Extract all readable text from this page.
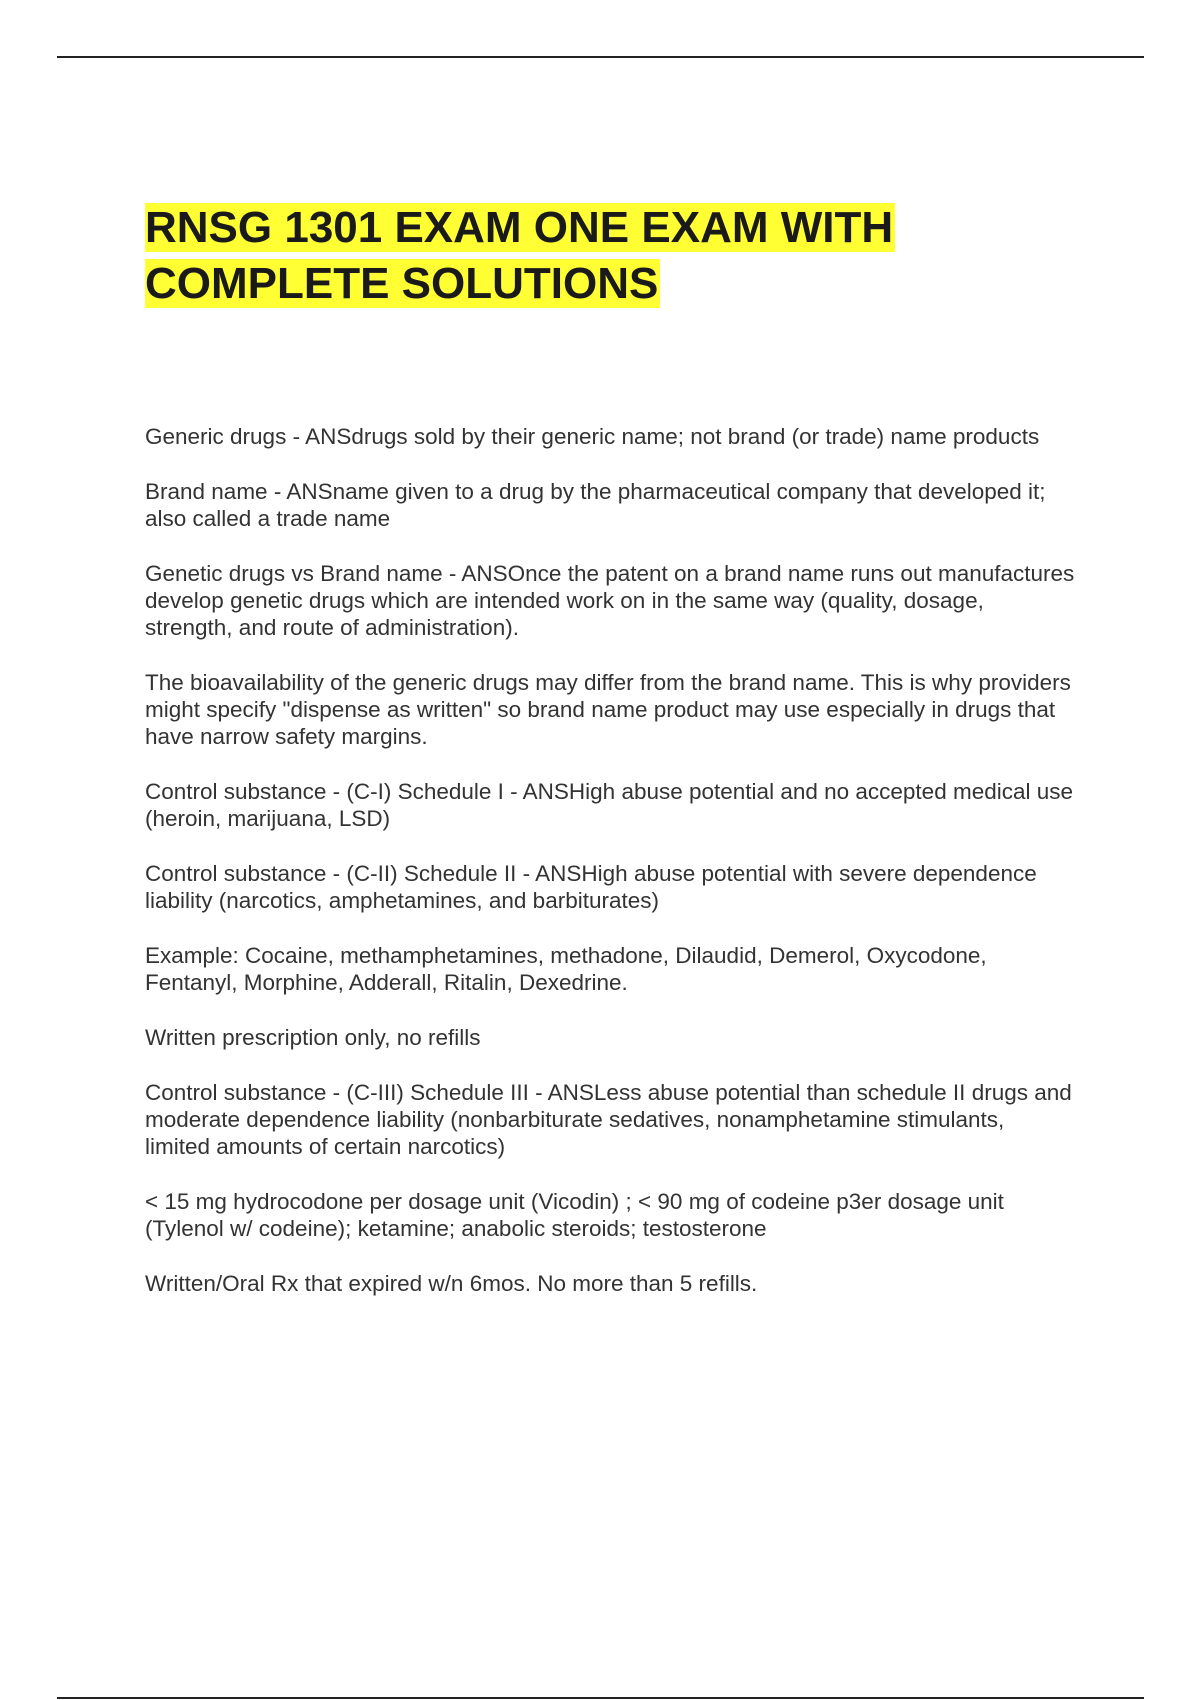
RNSG 1301 EXAM ONE EXAM WITH COMPLETE SOLUTIONS

Generic drugs - ANSdrugs sold by their generic name; not brand (or trade) name products

Brand name - ANSname given to a drug by the pharmaceutical company that developed it; also called a trade name

Genetic drugs vs Brand name - ANSOnce the patent on a brand name runs out manufactures develop genetic drugs which are intended work on in the same way (quality, dosage, strength, and route of administration).

The bioavailability of the generic drugs may differ from the brand name. This is why providers might specify "dispense as written" so brand name product may use especially in drugs that have narrow safety margins.

Control substance - (C-I) Schedule I - ANSHigh abuse potential and no accepted medical use (heroin, marijuana, LSD)

Control substance - (C-II) Schedule II - ANSHigh abuse potential with severe dependence liability (narcotics, amphetamines, and barbiturates)

Example: Cocaine, methamphetamines, methadone, Dilaudid, Demerol, Oxycodone, Fentanyl, Morphine, Adderall, Ritalin, Dexedrine.

Written prescription only, no refills

Control substance - (C-III) Schedule III - ANSLess abuse potential than schedule II drugs and moderate dependence liability (nonbarbiturate sedatives, nonamphetamine stimulants, limited amounts of certain narcotics)

< 15 mg hydrocodone per dosage unit (Vicodin) ; < 90 mg of codeine p3er dosage unit (Tylenol w/ codeine); ketamine; anabolic steroids; testosterone

Written/Oral Rx that expired w/n 6mos. No more than 5 refills.
